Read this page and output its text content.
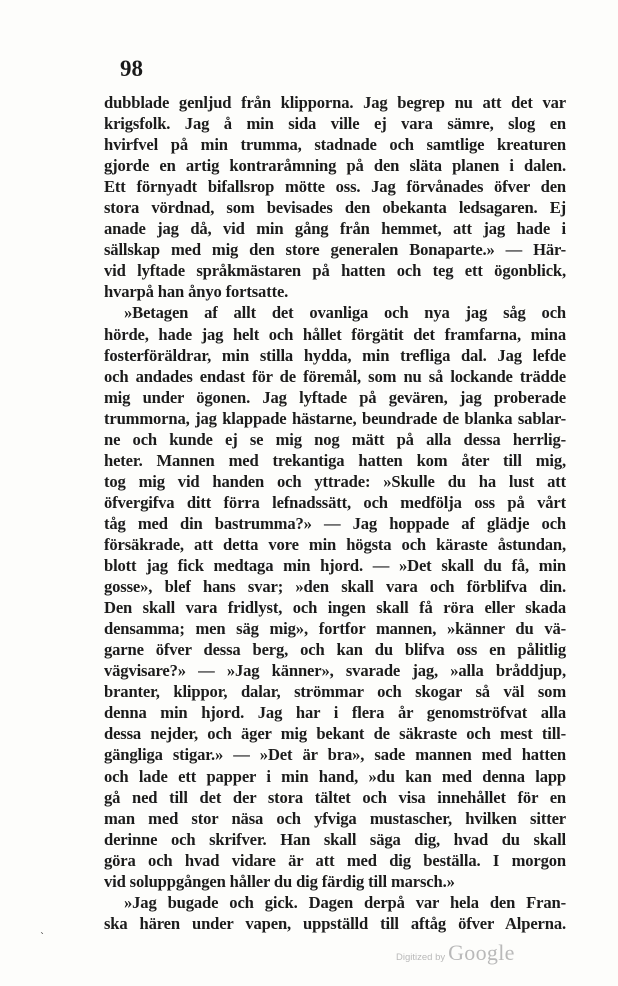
98
dubblade genljud från klipporna. Jag begrep nu att det var
krigsfolk. Jag å min sida ville ej vara sämre, slog en
hvirfvel på min trumma, stadnade och samtlige kreaturen
gjorde en artig kontraråmning på den släta planen i dalen.
Ett förnyadt bifallsrop mötte oss. Jag förvånades öfver den
stora vördnad, som bevisades den obekanta ledsagaren. Ej
anade jag då, vid min gång från hemmet, att jag hade i
sällskap med mig den store generalen Bonaparte.» — Här-
vid lyftade språkmästaren på hatten och teg ett ögonblick,
hvarpå han ånyo fortsatte.
»Betagen af allt det ovanliga och nya jag såg och
hörde, hade jag helt och hållet förgätit det framfarna, mina
fosterföräldrar, min stilla hydda, min trefliga dal. Jag lefde
och andades endast för de föremål, som nu så lockande trädde
mig under ögonen. Jag lyftade på gevären, jag proberade
trummorna, jag klappade hästarne, beundrade de blanka sablar-
ne och kunde ej se mig nog mätt på alla dessa herrlig-
heter. Mannen med trekantiga hatten kom åter till mig,
tog mig vid handen och yttrade: »Skulle du ha lust att
öfvergifva ditt förra lefnadssätt, och medfölja oss på vårt
tåg med din bastrumma?» — Jag hoppade af glädje och
försäkrade, att detta vore min högsta och käraste åstundan,
blott jag fick medtaga min hjord. — »Det skall du få, min
gosse», blef hans svar; »den skall vara och förblifva din.
Den skall vara fridlyst, och ingen skall få röra eller skada
densamma; men säg mig», fortfor mannen, »känner du vä-
garne öfver dessa berg, och kan du blifva oss en pålitlig
vägvisare?» — »Jag känner», svarade jag, »alla bråddjup,
branter, klippor, dalar, strömmar och skogar så väl som
denna min hjord. Jag har i flera år genomströfvat alla
dessa nejder, och äger mig bekant de säkraste och mest till-
gängliga stigar.» — »Det är bra», sade mannen med hatten
och lade ett papper i min hand, »du kan med denna lapp
gå ned till det der stora tältet och visa innehållet för en
man med stor näsa och yfviga mustascher, hvilken sitter
derinne och skrifver. Han skall säga dig, hvad du skall
göra och hvad vidare är att med dig beställa. I morgon
vid soluppgången håller du dig färdig till marsch.»
»Jag bugade och gick. Dagen derpå var hela den Fran-
ska hären under vapen, uppställd till aftåg öfver Alperna.
`
Digitized by Google
